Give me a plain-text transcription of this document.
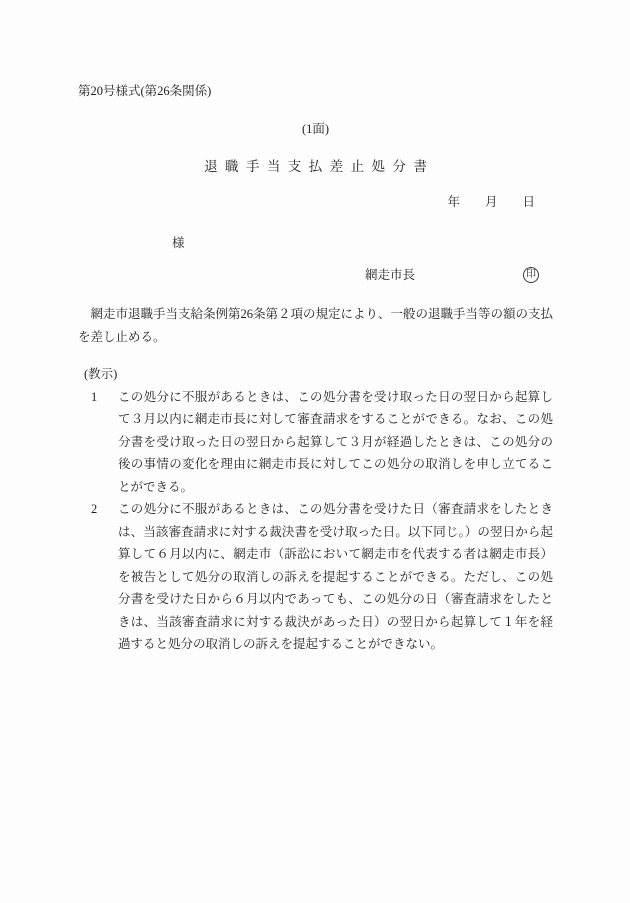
第20号様式(第26条関係)
(1面)
退職手当支払差止処分書
年　　月　　日
様
網走市長	印
網走市退職手当支給条例第26条第２項の規定により、一般の退職手当等の額の支払を差し止める。
(教示)
1	この処分に不服があるときは、この処分書を受け取った日の翌日から起算して３月以内に網走市長に対して審査請求をすることができる。なお、この処分書を受け取った日の翌日から起算して３月が経過したときは、この処分の後の事情の変化を理由に網走市長に対してこの処分の取消しを申し立てることができる。
2	この処分に不服があるときは、この処分書を受けた日（審査請求をしたときは、当該審査請求に対する裁決書を受け取った日。以下同じ。）の翌日から起算して６月以内に、網走市（訴訟において網走市を代表する者は網走市長）を被告として処分の取消しの訴えを提起することができる。ただし、この処分書を受けた日から６月以内であっても、この処分の日（審査請求をしたときは、当該審査請求に対する裁決があった日）の翌日から起算して１年を経過すると処分の取消しの訴えを提起することができない。
